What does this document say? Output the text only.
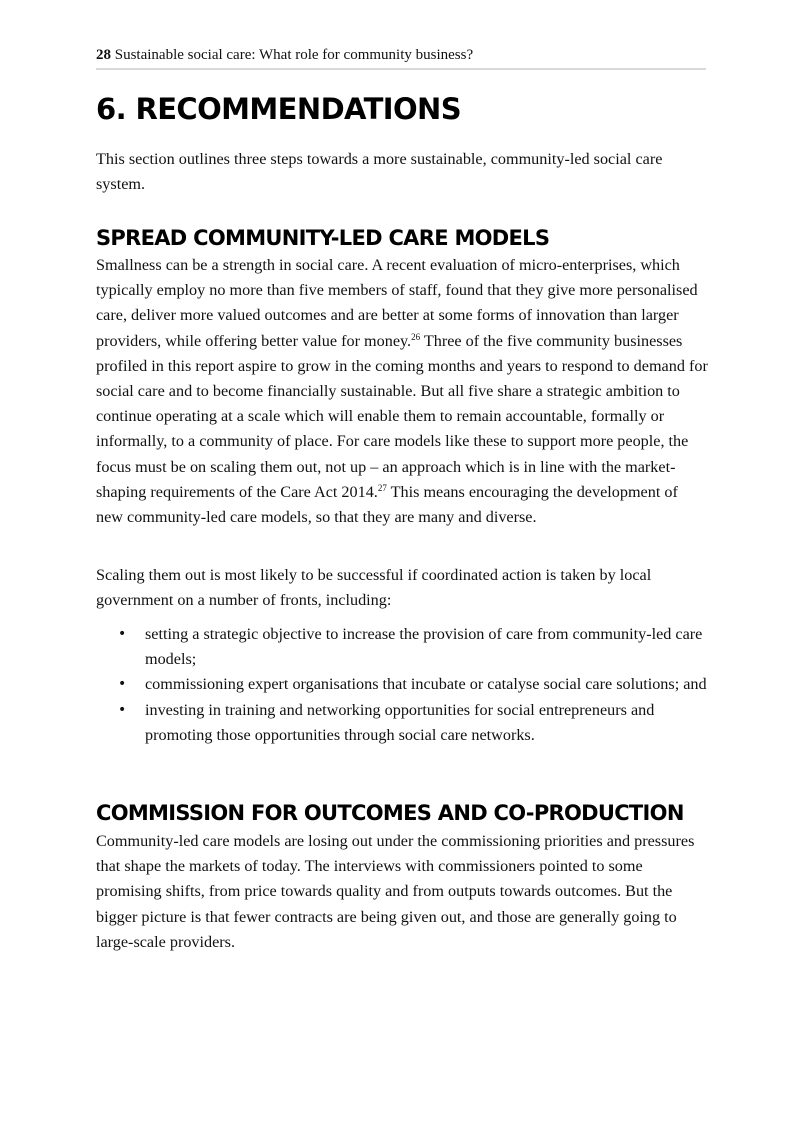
28 Sustainable social care: What role for community business?
6. RECOMMENDATIONS

This section outlines three steps towards a more sustainable, community-led social care system.

SPREAD COMMUNITY-LED CARE MODELS

Smallness can be a strength in social care. A recent evaluation of micro-enterprises, which typically employ no more than five members of staff, found that they give more personalised care, deliver more valued outcomes and are better at some forms of innovation than larger providers, while offering better value for money.$^{26}$ Three of the five community businesses profiled in this report aspire to grow in the coming months and years to respond to demand for social care and to become financially sustainable. But all five share a strategic ambition to continue operating at a scale which will enable them to remain accountable, formally or informally, to a community of place. For care models like these to support more people, the focus must be on scaling them out, not up – an approach which is in line with the market-shaping requirements of the Care Act 2014.27 This means encouraging the development of new community-led care models, so that they are many and diverse.

Scaling them out is most likely to be successful if coordinated action is taken by local government on a number of fronts, including:

• setting a strategic objective to increase the provision of care from community-led care models;
• commissioning expert organisations that incubate or catalyse social care solutions; and
• investing in training and networking opportunities for social entrepreneurs and promoting those opportunities through social care networks.
COMMISSION FOR OUTCOMES AND CO-PRODUCTION

Community-led care models are losing out under the commissioning priorities and pressures that shape the markets of today. The interviews with commissioners pointed to some promising shifts, from price towards quality and from outputs towards outcomes. But the bigger picture is that fewer contracts are being given out, and those are generally going to large-scale providers.
